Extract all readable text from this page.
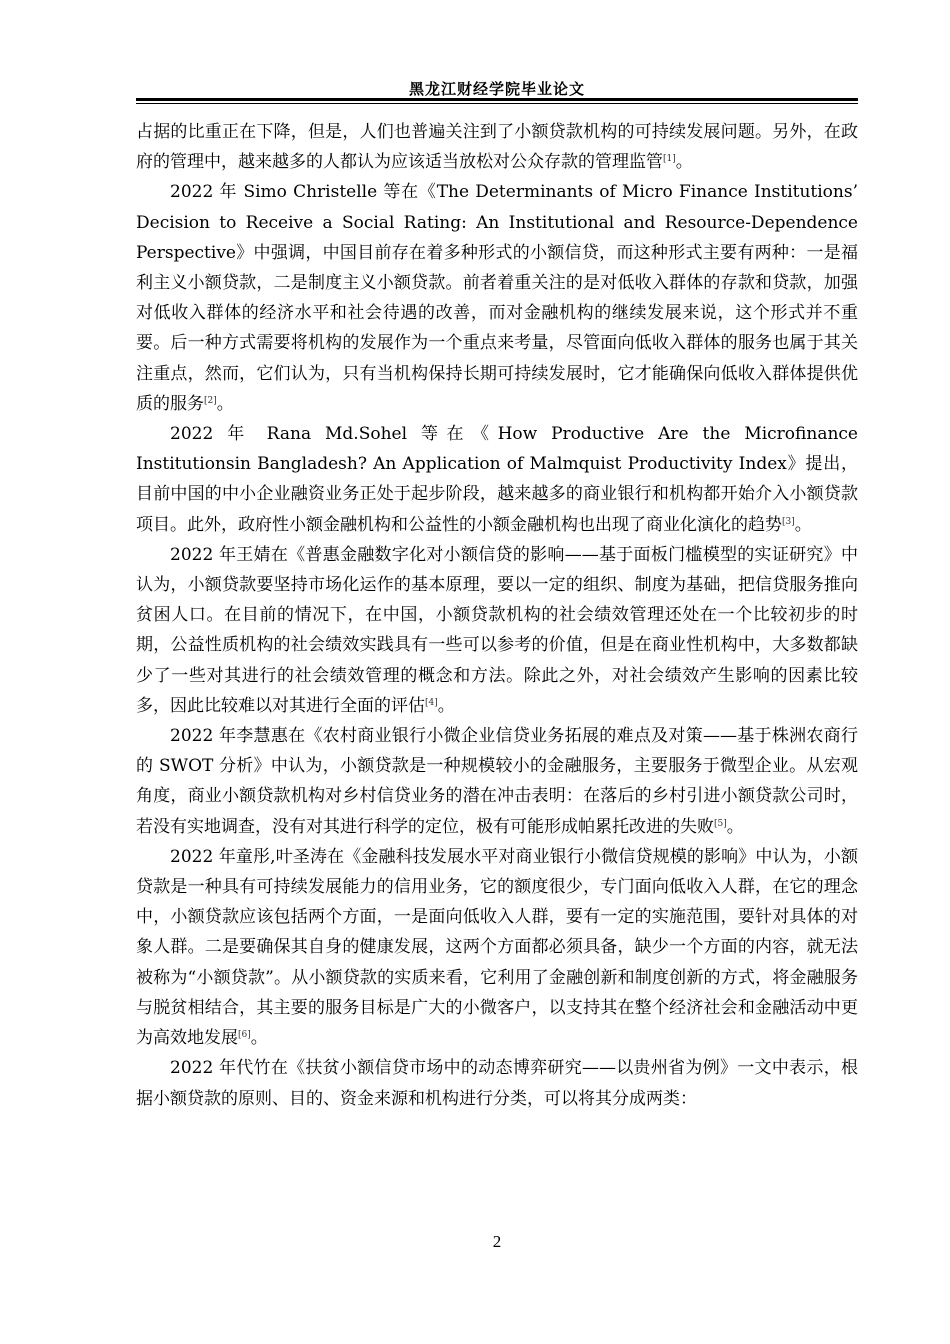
黑龙江财经学院毕业论文

占据的比重正在下降，但是，人们也普遍关注到了小额贷款机构的可持续发展问题。另外，在政府的管理中，越来越多的人都认为应该适当放松对公众存款的管理监管[1]。

2022 年 Simo Christelle 等在《The Determinants of Micro Finance Institutions’ Decision to Receive a Social Rating: An Institutional and Resource-Dependence Perspective》中强调，中国目前存在着多种形式的小额信贷，而这种形式主要有两种：一是福利主义小额贷款，二是制度主义小额贷款。前者着重关注的是对低收入群体的存款和贷款，加强对低收入群体的经济水平和社会待遇的改善，而对金融机构的继续发展来说，这个形式并不重要。后一种方式需要将机构的发展作为一个重点来考量，尽管面向低收入群体的服务也属于其关注重点，然而，它们认为，只有当机构保持长期可持续发展时，它才能确保向低收入群体提供优质的服务[2]。

2022 年 Rana Md.Sohel 等在《How Productive Are the Microfinance Institutionsin Bangladesh? An Application of Malmquist Productivity Index》提出，目前中国的中小企业融资业务正处于起步阶段，越来越多的商业银行和机构都开始介入小额贷款项目。此外，政府性小额金融机构和公益性的小额金融机构也出现了商业化演化的趋势[3]。

2022 年王婧在《普惠金融数字化对小额信贷的影响——基于面板门槛模型的实证研究》中认为，小额贷款要坚持市场化运作的基本原理，要以一定的组织、制度为基础，把信贷服务推向贫困人口。在目前的情况下，在中国，小额贷款机构的社会绩效管理还处在一个比较初步的时期，公益性质机构的社会绩效实践具有一些可以参考的价值，但是在商业性机构中，大多数都缺少了一些对其进行的社会绩效管理的概念和方法。除此之外，对社会绩效产生影响的因素比较多，因此比较难以对其进行全面的评估[4]。

2022 年李慧惠在《农村商业银行小微企业信贷业务拓展的难点及对策——基于株洲农商行的 SWOT 分析》中认为，小额贷款是一种规模较小的金融服务，主要服务于微型企业。从宏观角度，商业小额贷款机构对乡村信贷业务的潜在冲击表明：在落后的乡村引进小额贷款公司时，若没有实地调查，没有对其进行科学的定位，极有可能形成帕累托改进的失败[5]。

2022 年童彤,叶圣涛在《金融科技发展水平对商业银行小微信贷规模的影响》中认为，小额贷款是一种具有可持续发展能力的信用业务，它的额度很少，专门面向低收入人群，在它的理念中，小额贷款应该包括两个方面，一是面向低收入人群，要有一定的实施范围，要针对具体的对象人群。二是要确保其自身的健康发展，这两个方面都必须具备，缺少一个方面的内容，就无法被称为“小额贷款”。从小额贷款的实质来看，它利用了金融创新和制度创新的方式，将金融服务与脱贫相结合，其主要的服务目标是广大的小微客户，以支持其在整个经济社会和金融活动中更为高效地发展[6]。

2022 年代竹在《扶贫小额信贷市场中的动态博弈研究——以贵州省为例》一文中表示，根据小额贷款的原则、目的、资金来源和机构进行分类，可以将其分成两类：

2
